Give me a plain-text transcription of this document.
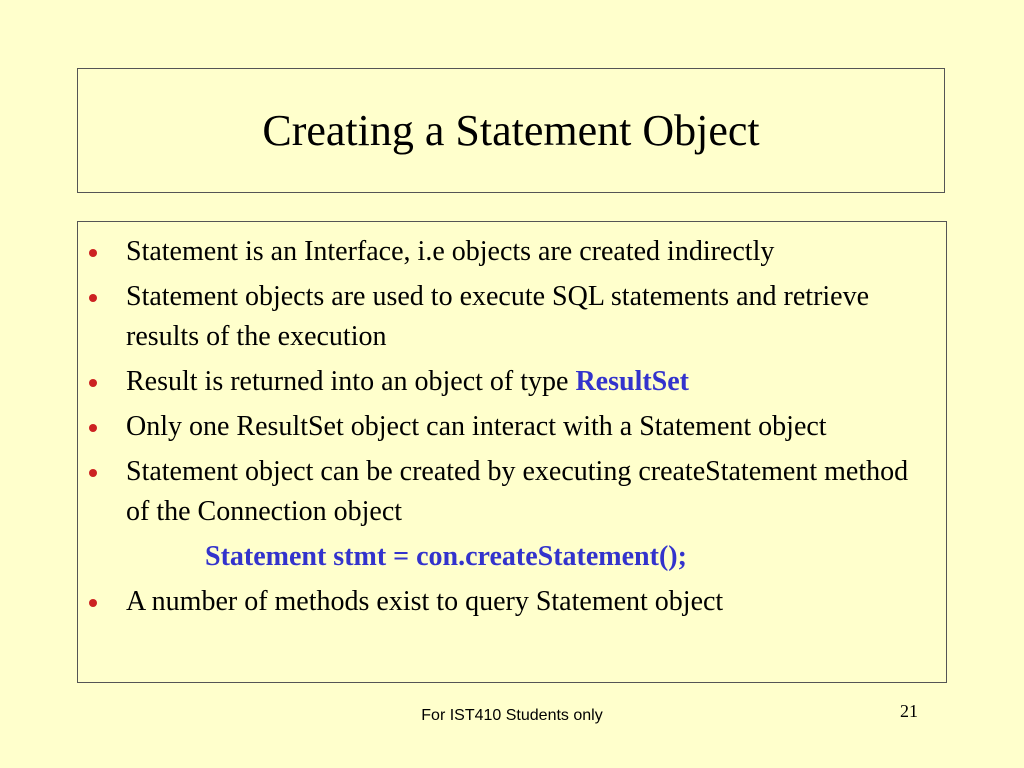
Creating a Statement Object
Statement is an Interface, i.e objects are created indirectly
Statement objects are used to execute SQL statements and retrieve results of the execution
Result is returned into an object of type ResultSet
Only one ResultSet object can interact with a Statement object
Statement object can be created by executing createStatement method of the Connection object
Statement stmt = con.createStatement();
A number of methods exist to query Statement object
For IST410 Students only	21
